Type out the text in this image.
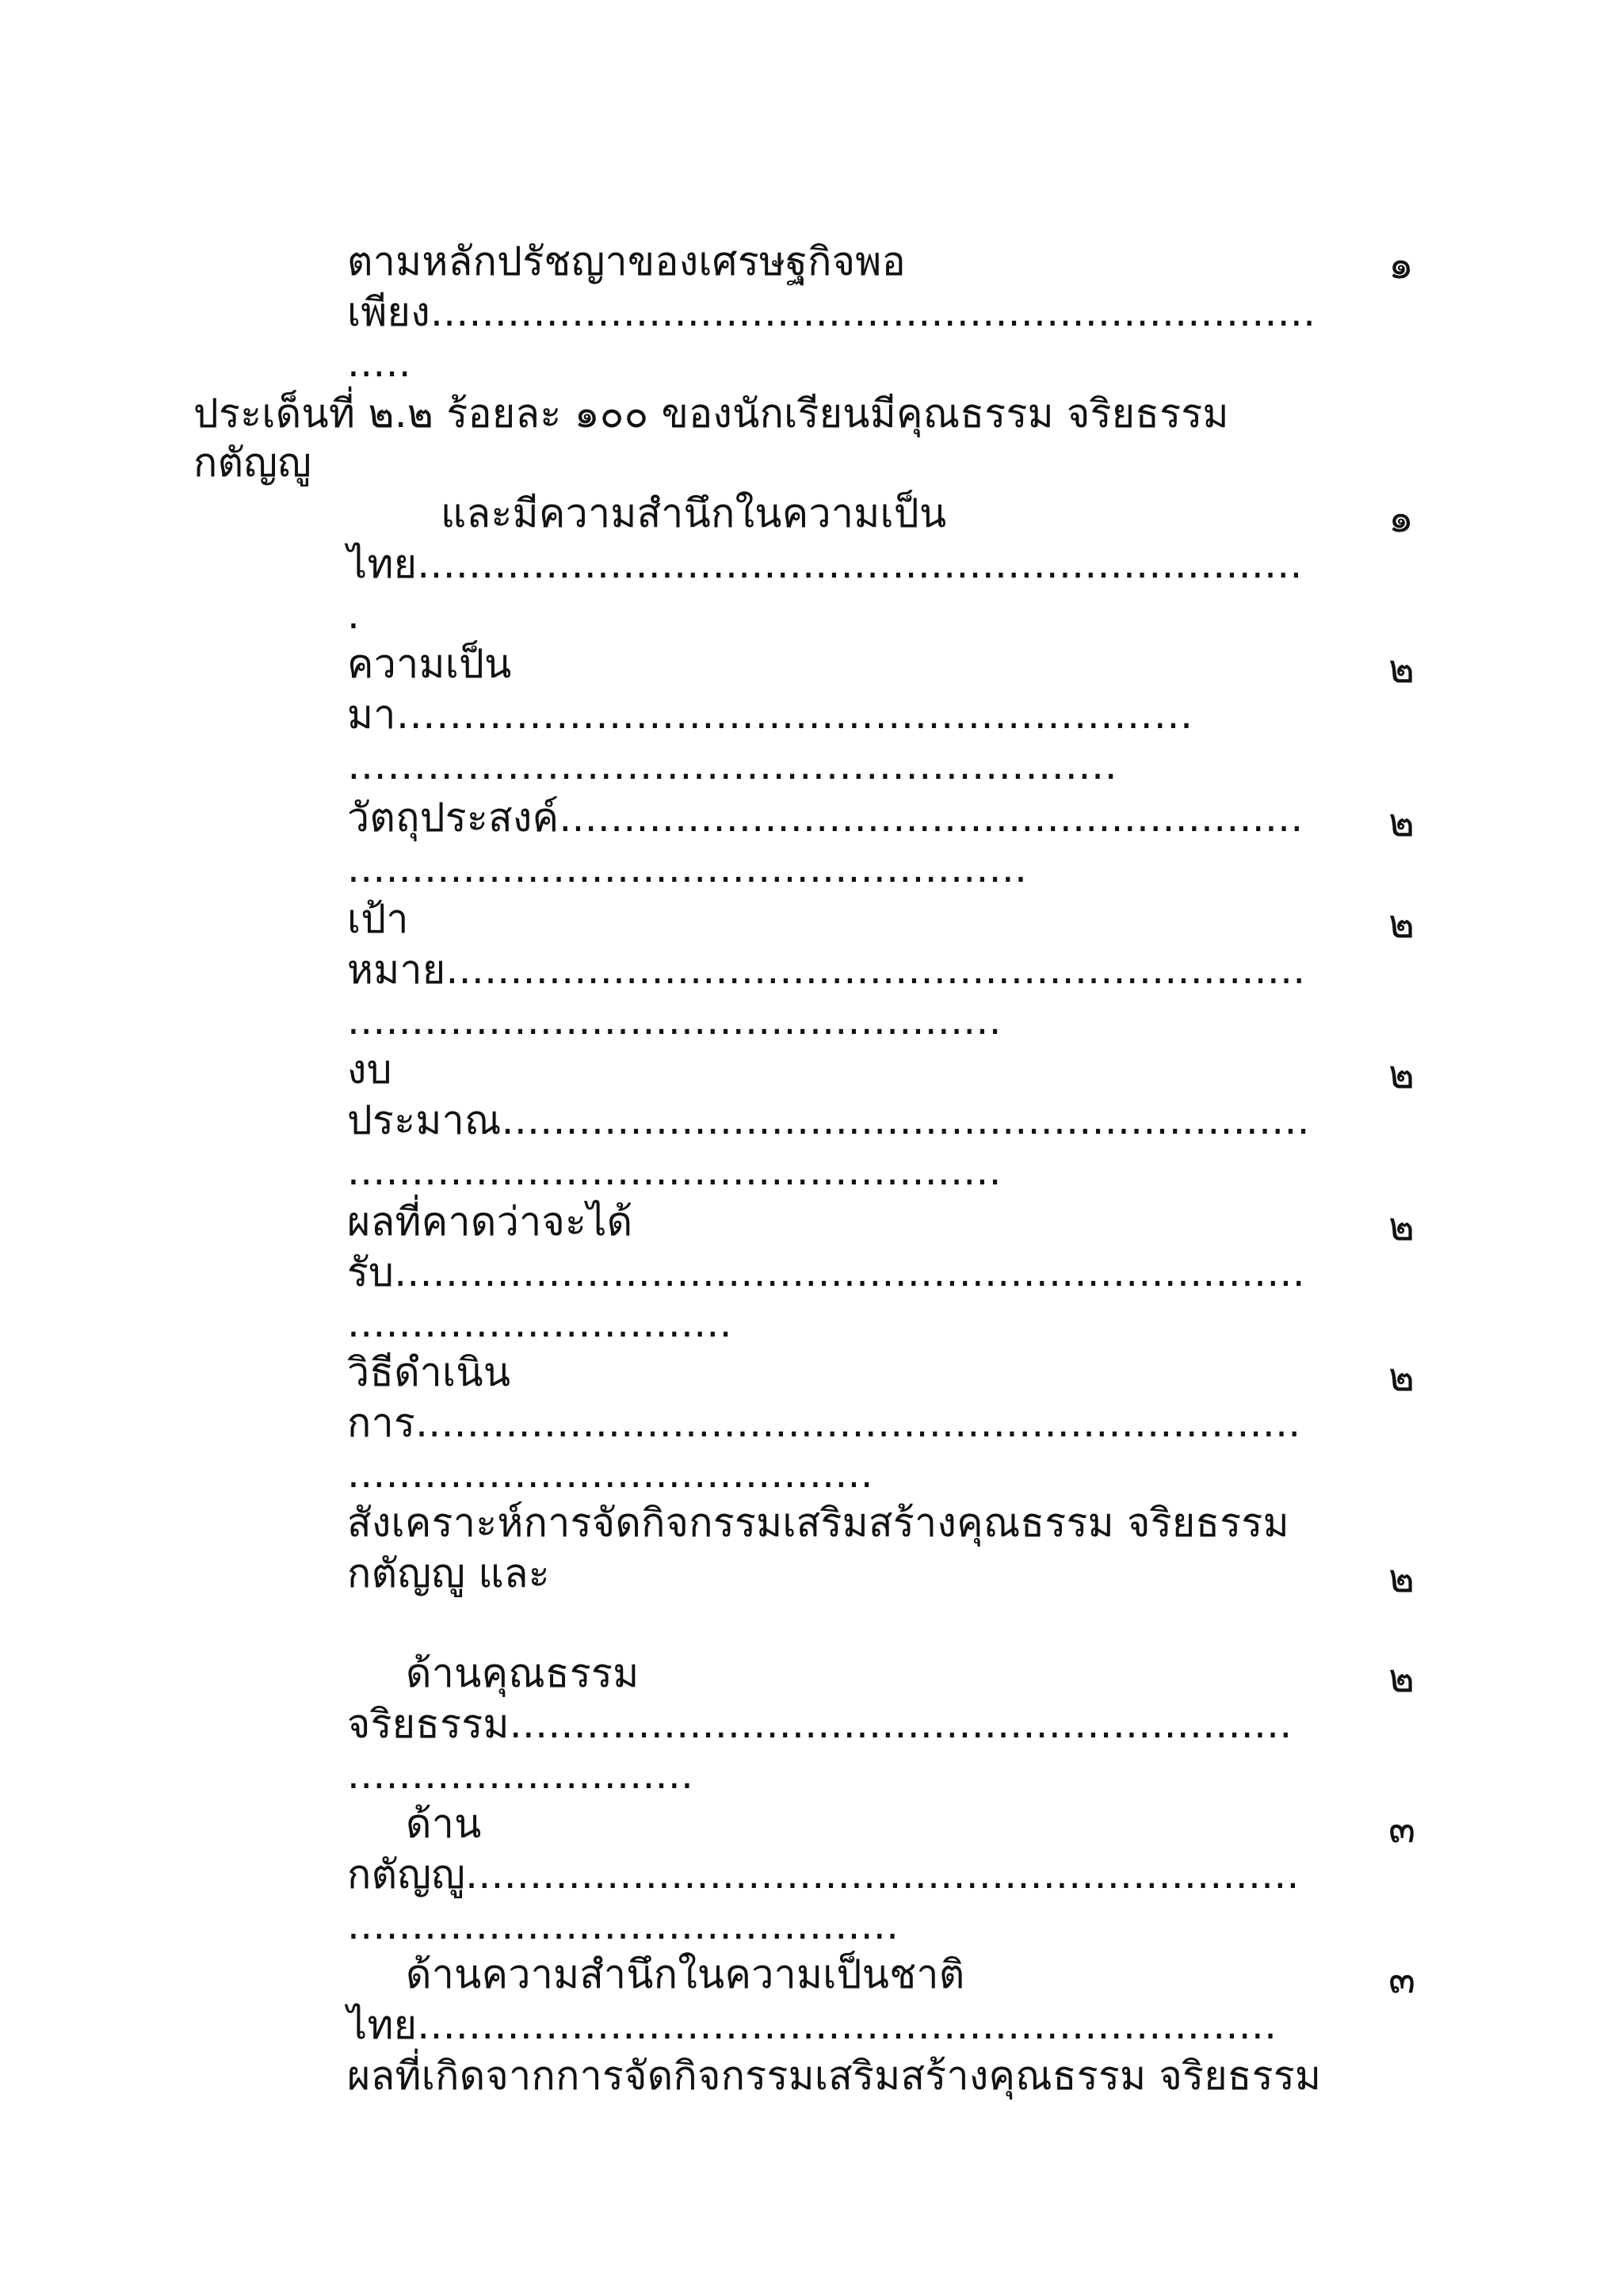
ตามหลักปรัชญาของเศรษฐกิจพอ
เพียง.....................................................................
.....
๑
ประเด็นที่ ๒.๒ ร้อยละ ๑๐๐ ของนักเรียนมีคุณธรรม จริยธรรม
กตัญญู
และมีความสำนึกในความเป็น
ไทย.....................................................................
.
๑
ความเป็น
มา……………………………………………………
………………………………………………….
๒
วัตถุประสงค์..........................................................
.....................................................
๒
เป้า
หมาย...................................................................
...................................................
๒
งบ
ประมาณ...............................................................
...................................................
๒
ผลที่คาดว่าจะได้
รับ.......................................................................
..............................
๒
วิธีดำเนิน
การ.....................................................................
.........................................
๒
สังเคราะห์การจัดกิจกรรมเสริมสร้างคุณธรรม จริยธรรม
กตัญญู และ	๒
ด้านคุณธรรม
จริยธรรม.............................................................
...........................
๒
ด้าน
กตัญญู.................................................................
...........................................
๓
ด้านความสำนึกในความเป็นชาติ
ไทย...................................................................
ผลที่เกิดจากการจัดกิจกรรมเสริมสร้างคุณธรรม จริยธรรม
๓
